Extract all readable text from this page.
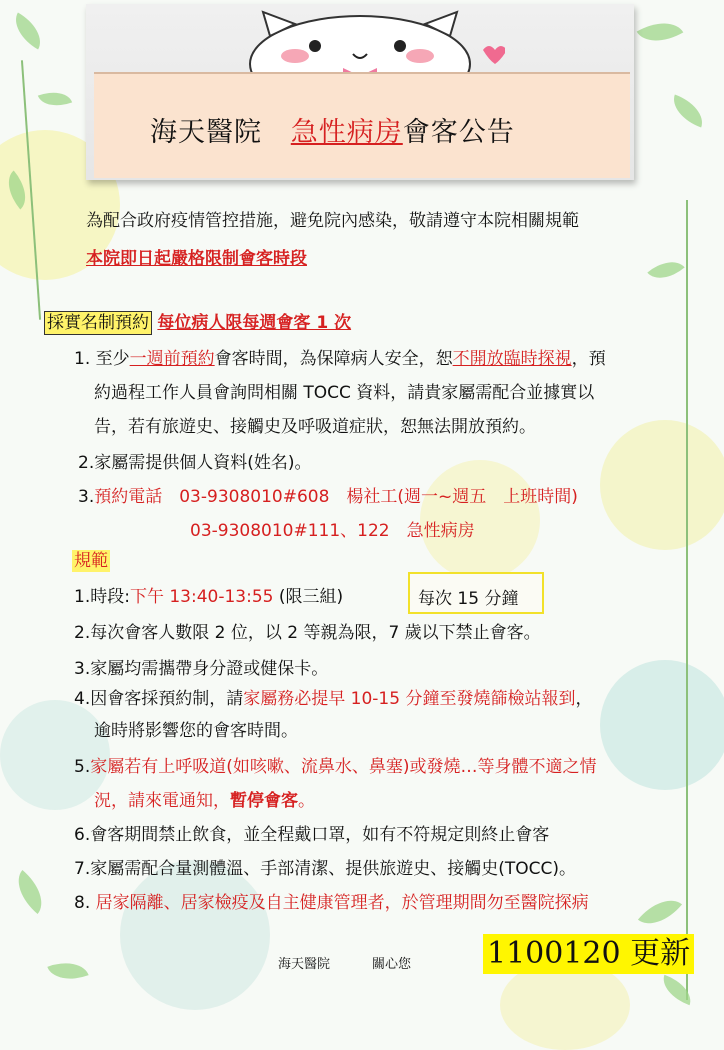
海天醫院 急性病房會客公告
為配合政府疫情管控措施，避免院內感染，敬請遵守本院相關規範
本院即日起嚴格限制會客時段
採實名制預約 每位病人限每週會客 1 次
1. 至少一週前預約會客時間，為保障病人安全，恕不開放臨時探視，預
約過程工作人員會詢問相關 TOCC 資料，請貴家屬需配合並據實以
告，若有旅遊史、接觸史及呼吸道症狀，恕無法開放預約。
2.家屬需提供個人資料(姓名)。
3.預約電話　03-9308010#608　楊社工(週一~週五　上班時間)
03-9308010#111、122　急性病房
規範
1.時段:下午 13:40-13:55 (限三組)	每次 15 分鐘
2.每次會客人數限 2 位，以 2 等親為限，7 歲以下禁止會客。
3.家屬均需攜帶身分證或健保卡。
4.因會客採預約制，請家屬務必提早 10-15 分鐘至發燒篩檢站報到，
逾時將影響您的會客時間。
5.家屬若有上呼吸道(如咳嗽、流鼻水、鼻塞)或發燒…等身體不適之情
況，請來電通知，暫停會客。
6.會客期間禁止飲食，並全程戴口罩，如有不符規定則終止會客
7.家屬需配合量測體溫、手部清潔、提供旅遊史、接觸史(TOCC)。
8. 居家隔離、居家檢疫及自主健康管理者，於管理期間勿至醫院探病
海天醫院	關心您	1100120 更新
